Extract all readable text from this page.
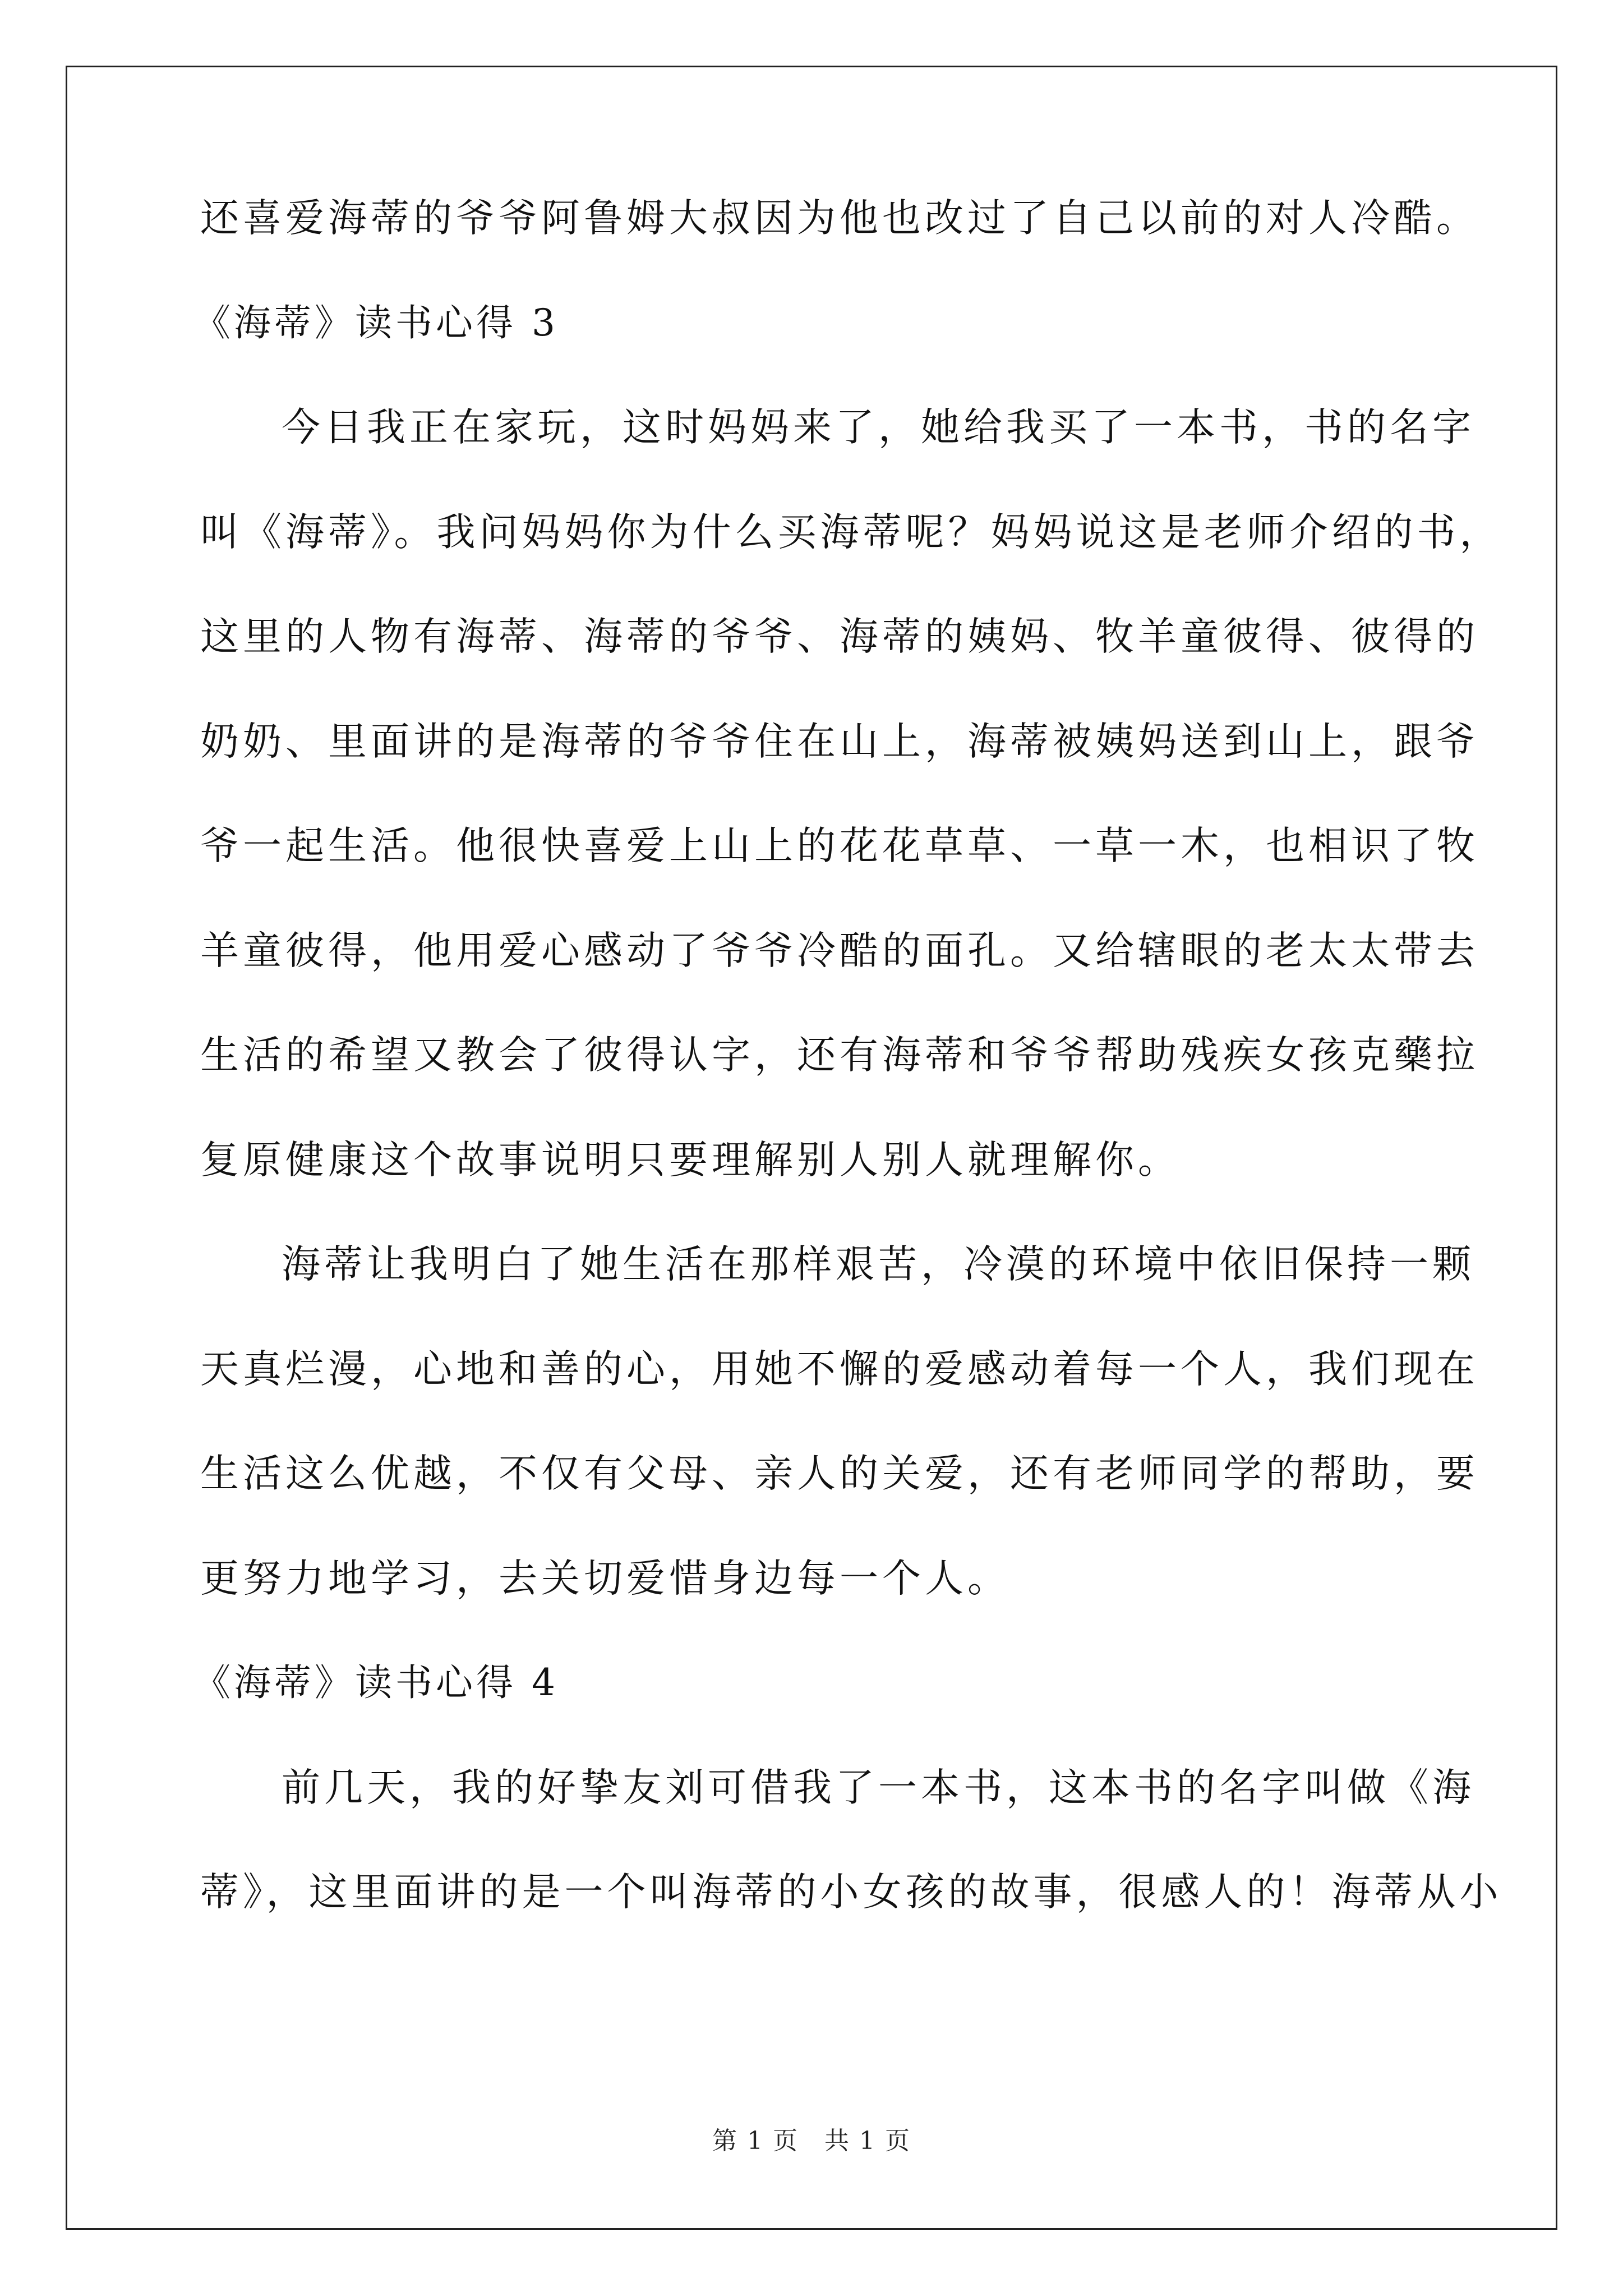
还喜爱海蒂的爷爷阿鲁姆大叔因为他也改过了自己以前的对人冷酷。
《海蒂》读书心得 3
今日我正在家玩，这时妈妈来了，她给我买了一本书，书的名字
叫《海蒂》。我问妈妈你为什么买海蒂呢？妈妈说这是老师介绍的书，
这里的人物有海蒂、海蒂的爷爷、海蒂的姨妈、牧羊童彼得、彼得的
奶奶、里面讲的是海蒂的爷爷住在山上，海蒂被姨妈送到山上，跟爷
爷一起生活。他很快喜爱上山上的花花草草、一草一木，也相识了牧
羊童彼得，他用爱心感动了爷爷冷酷的面孔。又给辖眼的老太太带去
生活的希望又教会了彼得认字，还有海蒂和爷爷帮助残疾女孩克藥拉
复原健康这个故事说明只要理解别人别人就理解你。
海蒂让我明白了她生活在那样艰苦，冷漠的环境中依旧保持一颗
天真烂漫，心地和善的心，用她不懈的爱感动着每一个人，我们现在
生活这么优越，不仅有父母、亲人的关爱，还有老师同学的帮助，要
更努力地学习，去关切爱惜身边每一个人。
《海蒂》读书心得 4
前几天，我的好挚友刘可借我了一本书，这本书的名字叫做《海
蒂》，这里面讲的是一个叫海蒂的小女孩的故事，很感人的！海蒂从小
第 1 页　共 1 页
